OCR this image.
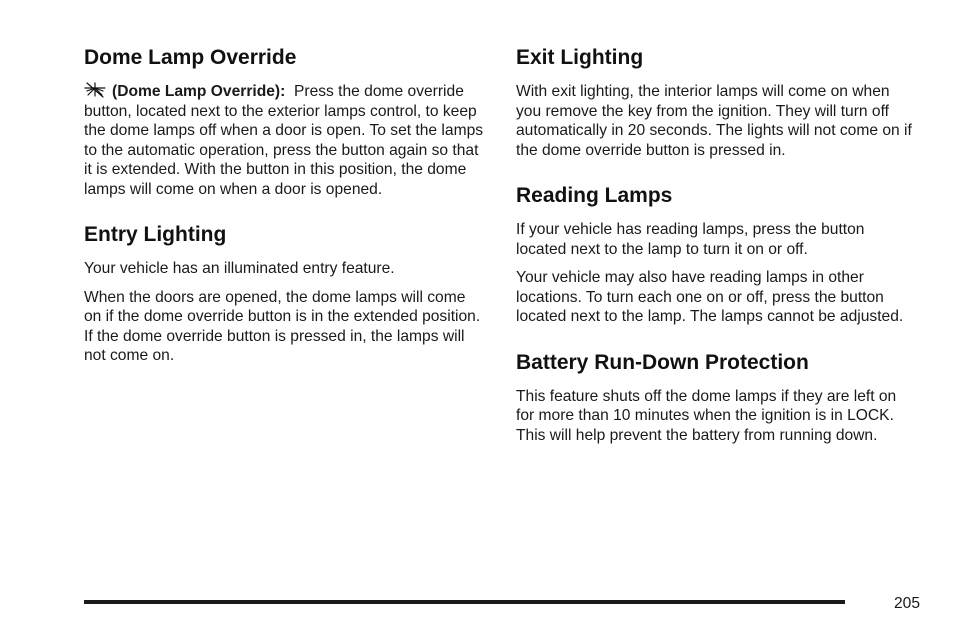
Dome Lamp Override

(Dome Lamp Override): Press the dome override button, located next to the exterior lamps control, to keep the dome lamps off when a door is open. To set the lamps to the automatic operation, press the button again so that it is extended. With the button in this position, the dome lamps will come on when a door is opened.

Entry Lighting

Your vehicle has an illuminated entry feature.

When the doors are opened, the dome lamps will come on if the dome override button is in the extended position. If the dome override button is pressed in, the lamps will not come on.

Exit Lighting

With exit lighting, the interior lamps will come on when you remove the key from the ignition. They will turn off automatically in 20 seconds. The lights will not come on if the dome override button is pressed in.

Reading Lamps

If your vehicle has reading lamps, press the button located next to the lamp to turn it on or off.

Your vehicle may also have reading lamps in other locations. To turn each one on or off, press the button located next to the lamp. The lamps cannot be adjusted.

Battery Run-Down Protection

This feature shuts off the dome lamps if they are left on for more than 10 minutes when the ignition is in LOCK. This will help prevent the battery from running down.

205
